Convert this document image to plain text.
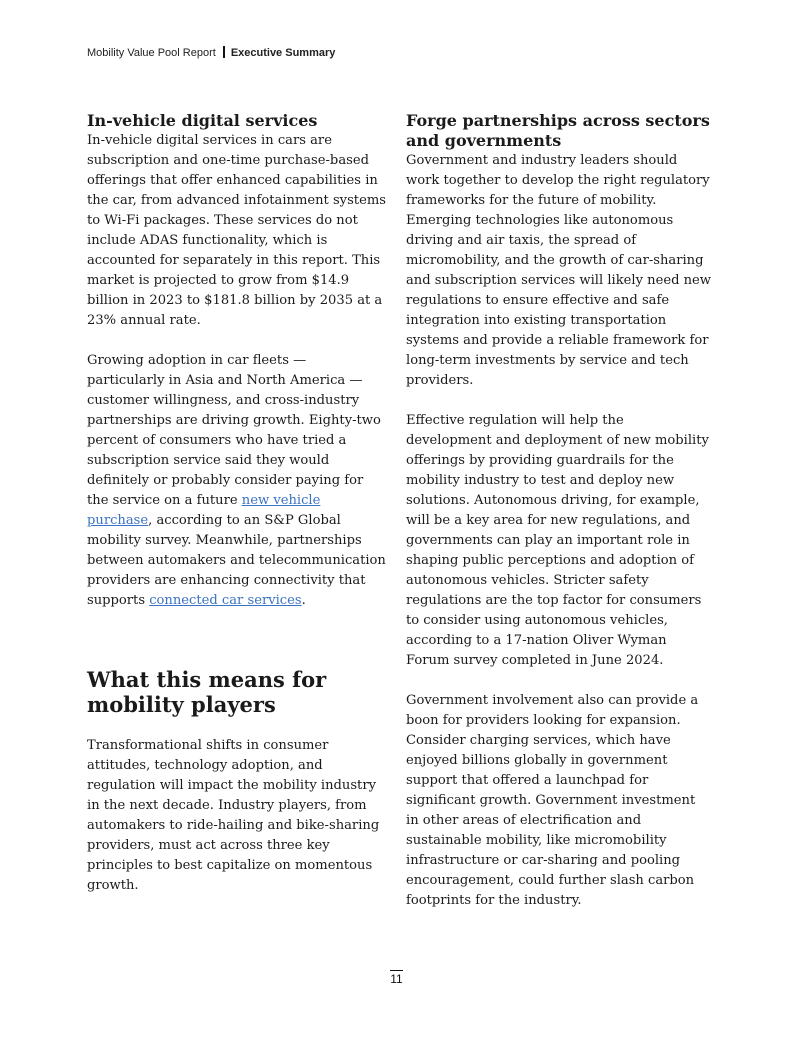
Mobility Value Pool Report Executive Summary
In-vehicle digital services

In-vehicle digital services in cars are subscription and one-time purchase-based offerings that offer enhanced capabilities in the car, from advanced infotainment systems to Wi-Fi packages. These services do not include ADAS functionality, which is accounted for separately in this report. This market is projected to grow from $14.9 billion in 2023 to $181.8 billion by 2035 at a 23% annual rate.

Growing adoption in car fleets — particularly in Asia and North America — customer willingness, and cross-industry partnerships are driving growth. Eighty-two percent of consumers who have tried a subscription service said they would definitely or probably consider paying for the service on a future new vehicle purchase, according to an S&P Global mobility survey. Meanwhile, partnerships between automakers and telecommunication providers are enhancing connectivity that supports connected car services.

What this means for mobility players

Transformational shifts in consumer attitudes, technology adoption, and regulation will impact the mobility industry in the next decade. Industry players, from automakers to ride-hailing and bike-sharing providers, must act across three key principles to best capitalize on momentous growth.

Forge partnerships across sectors and governments

Government and industry leaders should work together to develop the right regulatory frameworks for the future of mobility. Emerging technologies like autonomous driving and air taxis, the spread of micromobility, and the growth of car-sharing and subscription services will likely need new regulations to ensure effective and safe integration into existing transportation systems and provide a reliable framework for long-term investments by service and tech providers.

Effective regulation will help the development and deployment of new mobility offerings by providing guardrails for the mobility industry to test and deploy new solutions. Autonomous driving, for example, will be a key area for new regulations, and governments can play an important role in shaping public perceptions and adoption of autonomous vehicles. Stricter safety regulations are the top factor for consumers to consider using autonomous vehicles, according to a 17-nation Oliver Wyman Forum survey completed in June 2024.

Government involvement also can provide a boon for providers looking for expansion. Consider charging services, which have enjoyed billions globally in government support that offered a launchpad for significant growth. Government investment in other areas of electrification and sustainable mobility, like micromobility infrastructure or car-sharing and pooling encouragement, could further slash carbon footprints for the industry.

11
